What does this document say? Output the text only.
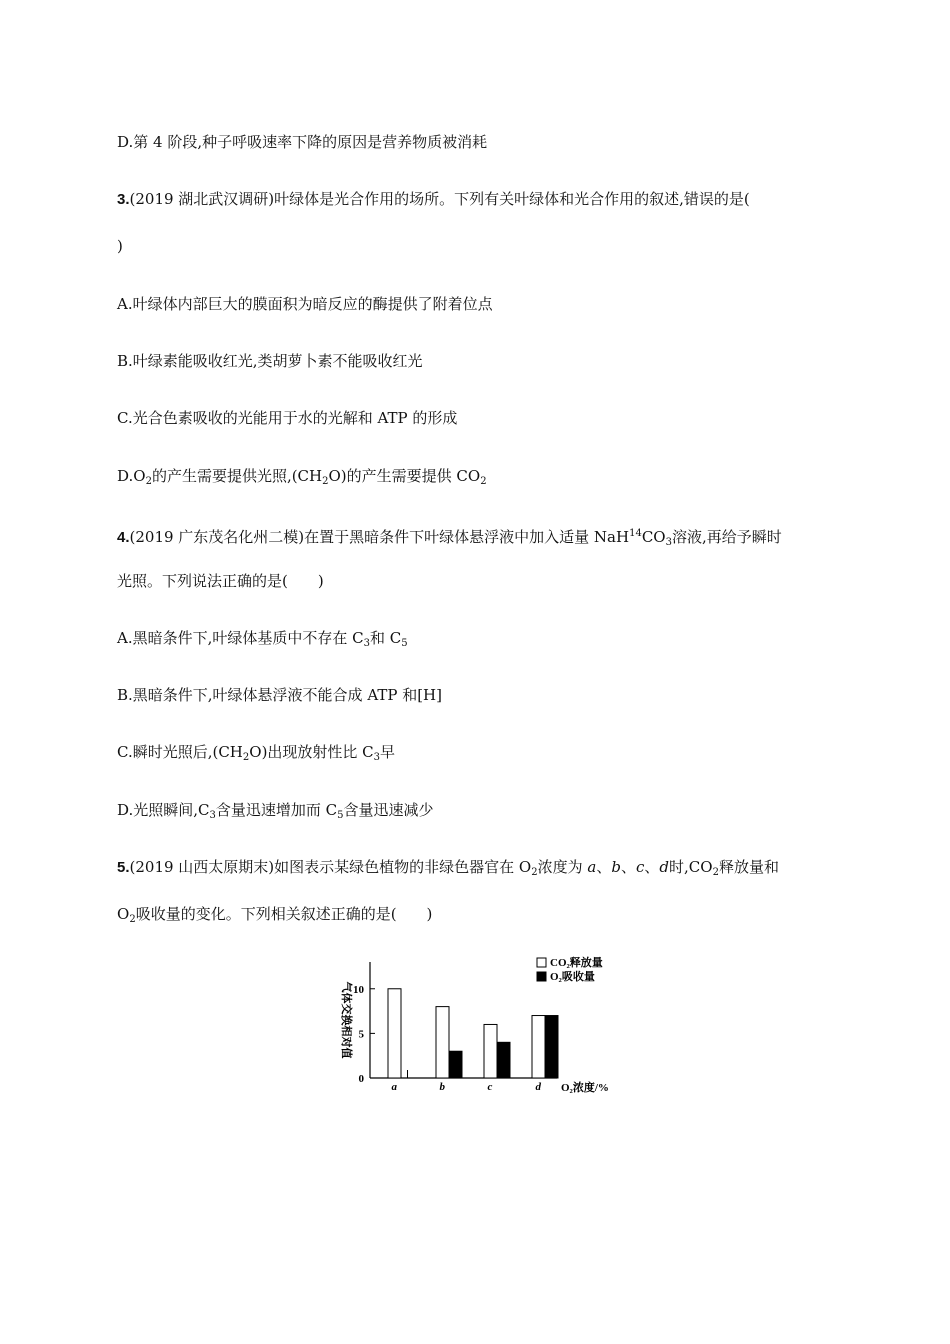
D.第 4 阶段,种子呼吸速率下降的原因是营养物质被消耗
3.(2019 湖北武汉调研)叶绿体是光合作用的场所。下列有关叶绿体和光合作用的叙述,错误的是(
)
A.叶绿体内部巨大的膜面积为暗反应的酶提供了附着位点
B.叶绿素能吸收红光,类胡萝卜素不能吸收红光
C.光合色素吸收的光能用于水的光解和 ATP 的形成
$D.O_2$的产生需要提供光照$,(CH_2O)$的产生需要提供 $CO_2$
4.(2019 广东茂名化州二模)在置于黑暗条件下叶绿体悬浮液中加入适量 $NaH^{14}CO_3$溶液,再给予瞬时
光照。下列说法正确的是(　　)
A.黑暗条件下,叶绿体基质中不存在 $C_3$和 $C_5$
B.黑暗条件下,叶绿体悬浮液不能合成 ATP 和[H]
C.瞬时光照后$,(CH_2O)$出现放射性比 $C_3$早
D.光照瞬间$,C_3$含量迅速增加而 $C_5$含量迅速减少
5.(2019 山西太原期末)如图表示某绿色植物的非绿色器官在 $O_2$浓度为 a、b、c、d时$,CO_2$释放量和
$O_2$吸收量的变化。下列相关叙述正确的是(　　)
气体交换相对值
O₂浓度/%
CO₂释放量
O₂吸收量
0
5
10
a	b	c	d
